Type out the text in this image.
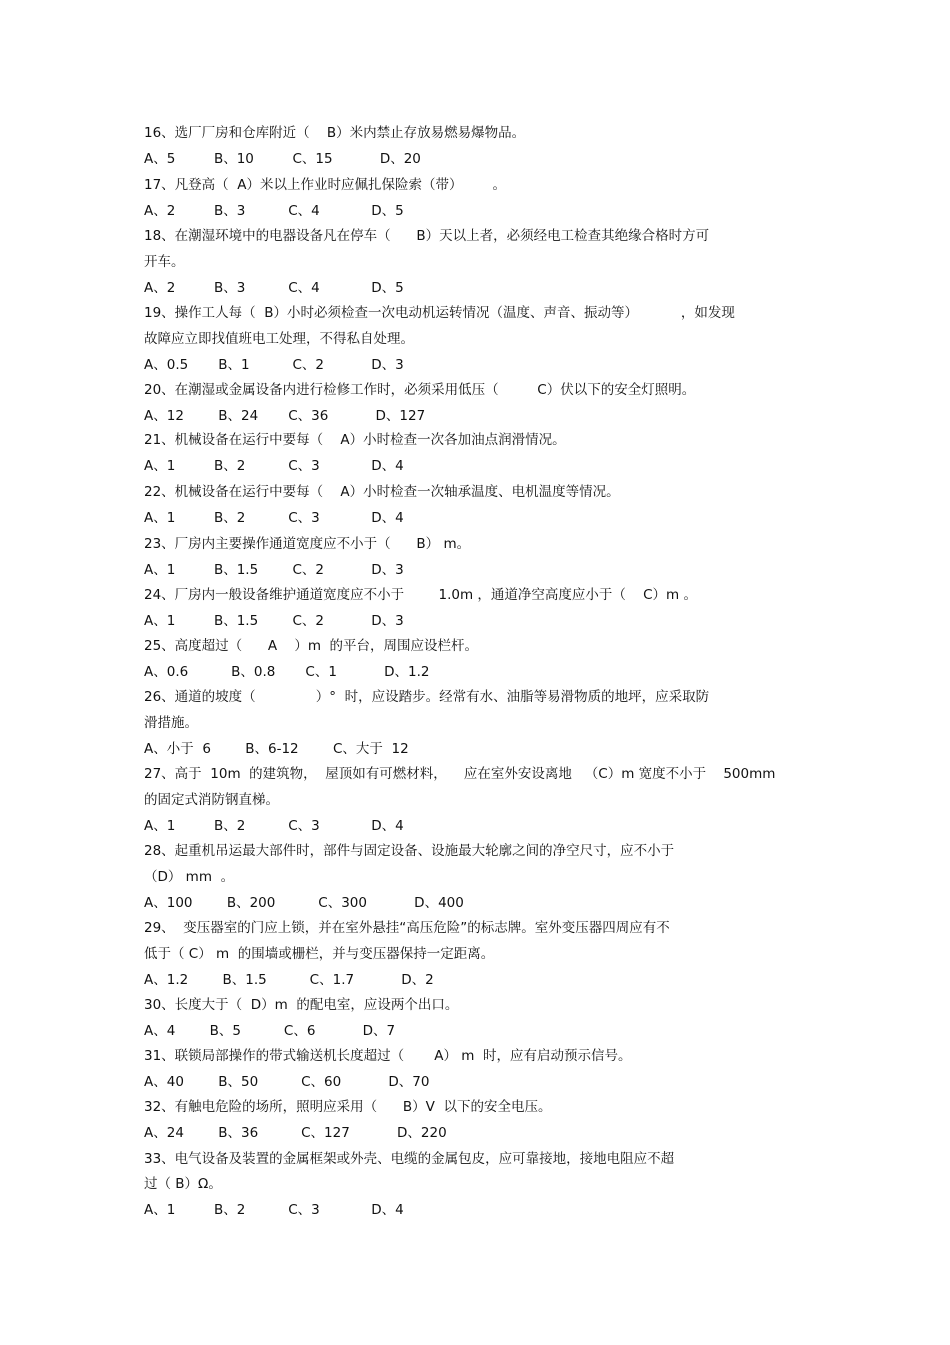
16、选厂厂房和仓库附近（    B）米内禁止存放易燃易爆物品。
A、5         B、10         C、15           D、20
17、凡登高（  A）米以上作业时应佩扎保险索（带）       。
A、2         B、3          C、4            D、5
18、在潮湿环境中的电器设备凡在停车（      B）天以上者，必须经电工检查其绝缘合格时方可
开车。
A、2         B、3          C、4            D、5
19、操作工人每（  B）小时必须检查一次电动机运转情况（温度、声音、振动等）          ，如发现
故障应立即找值班电工处理，不得私自处理。
A、0.5       B、1          C、2           D、3
20、在潮湿或金属设备内进行检修工作时，必须采用低压（         C）伏以下的安全灯照明。
A、12        B、24       C、36           D、127
21、机械设备在运行中要每（    A）小时检查一次各加油点润滑情况。
A、1         B、2          C、3            D、4
22、机械设备在运行中要每（    A）小时检查一次轴承温度、电机温度等情况。
A、1         B、2          C、3            D、4
23、厂房内主要操作通道宽度应不小于（      B） m。
A、1         B、1.5        C、2           D、3
24、厂房内一般设备维护通道宽度应不小于        1.0m ，通道净空高度应小于（    C）m 。
A、1         B、1.5        C、2           D、3
25、高度超过（      A    ）m  的平台，周围应设栏杆。
A、0.6          B、0.8       C、1           D、1.2
26、通道的坡度（              ）°  时，应设踏步。经常有水、油脂等易滑物质的地坪，应采取防
滑措施。
A、小于  6        B、6-12        C、大于  12
27、高于  10m  的建筑物，  屋顶如有可燃材料，    应在室外安设离地   （C）m 宽度不小于    500mm
的固定式消防钢直梯。
A、1         B、2          C、3            D、4
28、起重机吊运最大部件时，部件与固定设备、设施最大轮廓之间的净空尺寸，应不小于
（D） mm  。
A、100        B、200          C、300           D、400
29、  变压器室的门应上锁，并在室外悬挂“高压危险”的标志牌。室外变压器四周应有不
低于（ C） m  的围墙或栅栏，并与变压器保持一定距离。
A、1.2        B、1.5          C、1.7           D、2
30、长度大于（  D）m  的配电室，应设两个出口。
A、4        B、5          C、6           D、7
31、联锁局部操作的带式输送机长度超过（       A） m  时，应有启动预示信号。
A、40        B、50          C、60           D、70
32、有触电危险的场所，照明应采用（      B）V  以下的安全电压。
A、24        B、36          C、127           D、220
33、电气设备及装置的金属框架或外壳、电缆的金属包皮，应可靠接地，接地电阻应不超
过（ B）Ω。
A、1         B、2          C、3            D、4
